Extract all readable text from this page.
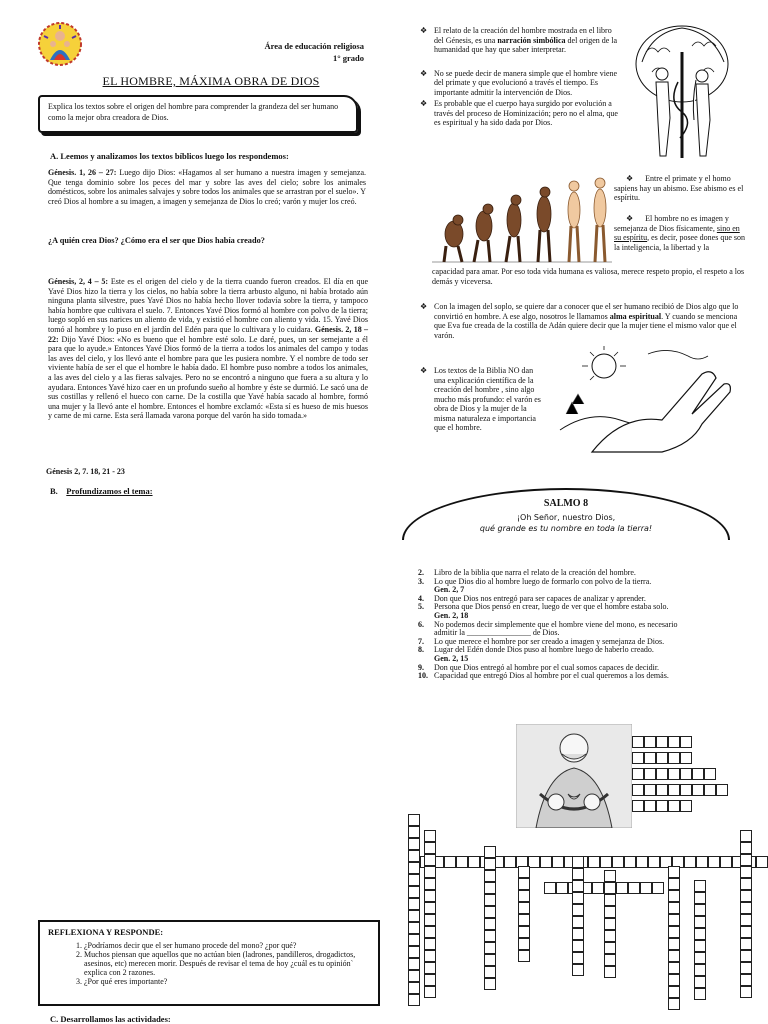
Área de educación religiosa
1° grado
EL HOMBRE, MÁXIMA OBRA DE DIOS
Explica los textos sobre el origen del hombre para comprender la grandeza del ser humano como la mejor obra creadora de Dios.
A. Leemos y analizamos los textos bíblicos luego los respondemos:
Génesis. 1, 26 – 27: Luego dijo Dios: «Hagamos al ser humano a nuestra imagen y semejanza. Que tenga dominio sobre los peces del mar y sobre las aves del cielo; sobre los animales domésticos, sobre los animales salvajes y sobre todos los animales que se arrastran por el suelo». Y creó Dios al hombre a su imagen, a imagen y semejanza de Dios lo creó; varón y mujer los creó.
¿A quién crea Dios? ¿Cómo era el ser que Dios había creado?
Génesis, 2, 4 – 5: Este es el origen del cielo y de la tierra cuando fueron creados. El día en que Yavé Dios hizo la tierra y los cielos, no había sobre la tierra arbusto alguno, ni había brotado aún ninguna planta silvestre, pues Yavé Dios no había hecho llover todavía sobre la tierra, y tampoco había hombre que cultivara el suelo. 7. Entonces Yavé Dios formó al hombre con polvo de la tierra; luego sopló en sus narices un aliento de vida, y existió el hombre con aliento y vida. 15. Yavé Dios tomó al hombre y lo puso en el jardín del Edén para que lo cultivara y lo cuidara. Génesis. 2, 18 –22: Dijo Yavé Dios: «No es bueno que el hombre esté solo. Le daré, pues, un ser semejante a él para que lo ayude.» Entonces Yavé Dios formó de la tierra a todos los animales del campo y todas las aves del cielo, y los llevó ante el hombre para que les pusiera nombre. Y el nombre de todo ser viviente había de ser el que el hombre le había dado. El hombre puso nombre a todos los animales, a las aves del cielo y a las fieras salvajes. Pero no se encontró a ninguno que fuera a su altura y lo ayudara. Entonces Yavé hizo caer en un profundo sueño al hombre y éste se durmió. Le sacó una de sus costillas y rellenó el hueco con carne. De la costilla que Yavé había sacado al hombre, formó una mujer y la llevó ante el hombre. Entonces el hombre exclamó: «Esta sí es hueso de mis huesos y carne de mi carne. Esta será llamada varona porque del varón ha sido tomada.»
Génesis 2, 7. 18, 21 - 23
B. Profundizamos el tema:
❖ El relato de la creación del hombre mostrada en el libro del Génesis, es una narración simbólica del origen de la humanidad que hay que saber interpretar.
❖ No se puede decir de manera simple que el hombre viene del primate y que evolucionó a través el tiempo. Es importante admitir la intervención de Dios.
❖ Es probable que el cuerpo haya surgido por evolución a través del proceso de Hominización; pero no el alma, que es espiritual y ha sido dada por Dios.
❖ Entre el primate y el homo sapiens hay un abismo. Ese abismo es el espíritu.
❖ El hombre no es imagen y semejanza de Dios físicamente, sino en su espíritu, es decir, posee dones que son la inteligencia, la libertad y la
capacidad para amar. Por eso toda vida humana es valiosa, merece respeto propio, el respeto a los demás y viceversa.
❖ Con la imagen del soplo, se quiere dar a conocer que el ser humano recibió de Dios algo que lo convirtió en hombre. A ese algo, nosotros le llamamos alma espiritual. Y cuando se menciona que Eva fue creada de la costilla de Adán quiere decir que la mujer tiene el mismo valor que el varón.
❖ Los textos de la Biblia NO dan una explicación científica de la creación del hombre , sino algo mucho más profundo: el varón es obra de Dios y la mujer de la misma naturaleza e importancia que el hombre.
SALMO 8
¡Oh Señor, nuestro Dios,
qué grande es tu nombre en toda la tierra!
2. Libro de la biblia que narra el relato de la creación del hombre.
3. Lo que Dios dio al hombre luego de formarlo con polvo de la tierra.
Gen. 2, 7
4. Don que Dios nos entregó para ser capaces de analizar y aprender.
5. Persona que Dios pensó en crear, luego de ver que el hombre estaba solo.
Gen. 2, 18
6. No podemos decir simplemente que el hombre viene del mono, es necesario
admitir la ________________ de Dios.
7. Lo que merece el hombre por ser creado a imagen y semejanza de Dios.
8. Lugar del Edén donde Dios puso al hombre luego de haberlo creado.
Gen. 2, 15
9. Don que Dios entregó al hombre por el cual somos capaces de decidir.
10. Capacidad que entregó Dios al hombre por el cual queremos a los demás.
REFLEXIONA Y RESPONDE:
1. ¿Podríamos decir que el ser humano procede del mono? ¿por qué?
2. Muchos piensan que aquellos que no actúan bien (ladrones, pandilleros, drogadictos, asesinos, etc) merecen morir. Después de revisar el tema de hoy ¿cuál es tu opinión` explica con 2 razones.
3. ¿Por qué eres importante?
C. Desarrollamos las actividades:
